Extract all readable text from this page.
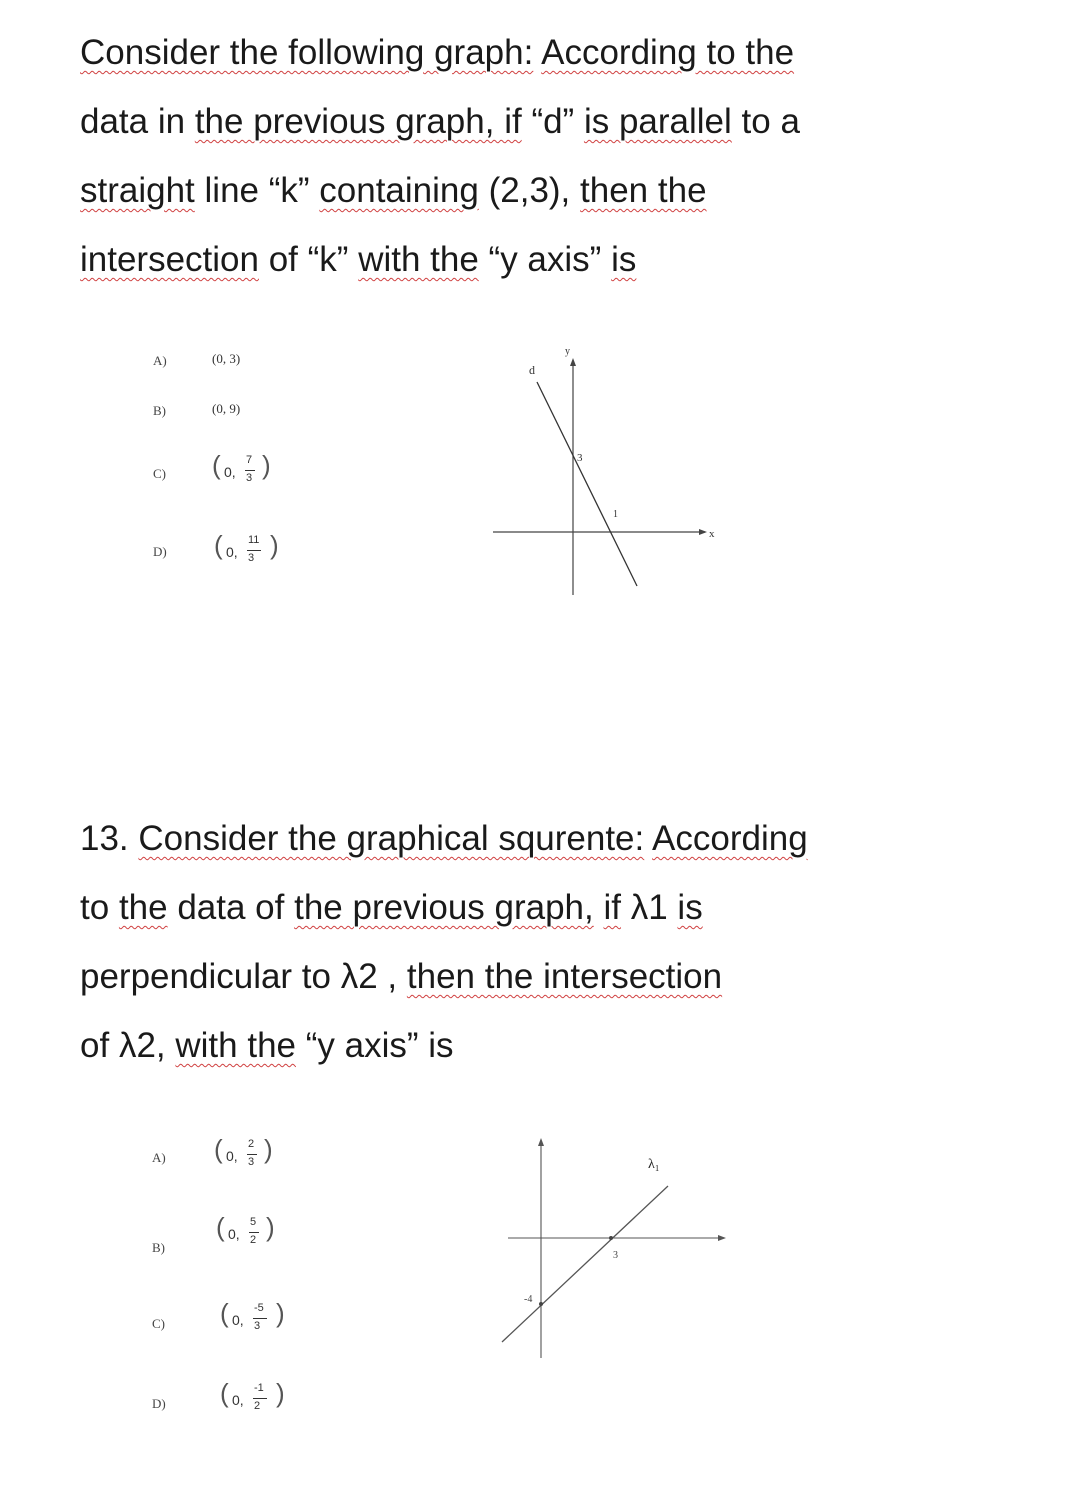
Consider the following graph: According to the
data in the previous graph, if “d” is parallel to a
straight line “k” containing (2,3), then the
intersection of “k” with the “y axis” is
A)	(0, 3)
B)	(0, 9)
C) ( 0,
7
3 )
D) ( 0,
11
3 )
d
y
x
3
1
13. Consider the graphical squrente: According
to the data of the previous graph, if λ1 is
perpendicular to λ2 , then the intersection
of λ2, with the “y axis” is
A) ( 0,
2
3 )
B)
( 0,
5
2 )
C) ( 0,
-5
3 )
D) ( 0,
-1
2 )
λ₁
3
-4
